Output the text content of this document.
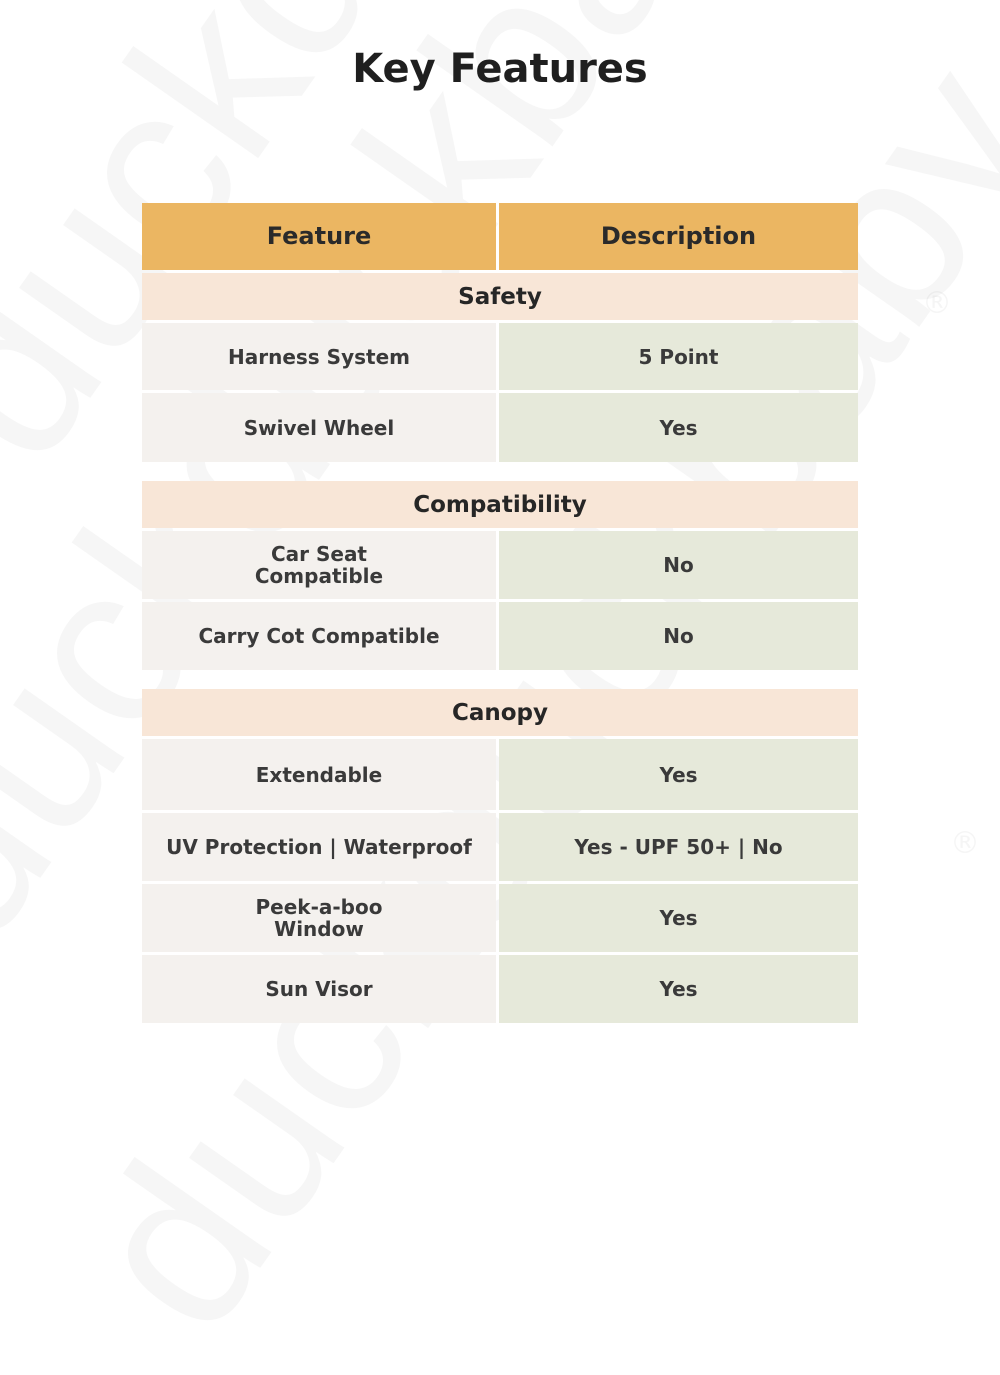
Key Features
Feature	Description
Safety
Harness System	5 Point
Swivel Wheel	Yes
Compatibility
Car Seat
Compatible	No
Carry Cot Compatible	No
Canopy
Extendable	Yes
UV Protection | Waterproof	Yes - UPF 50+ | No
Peek-a-boo
Window	Yes
Sun Visor	Yes
